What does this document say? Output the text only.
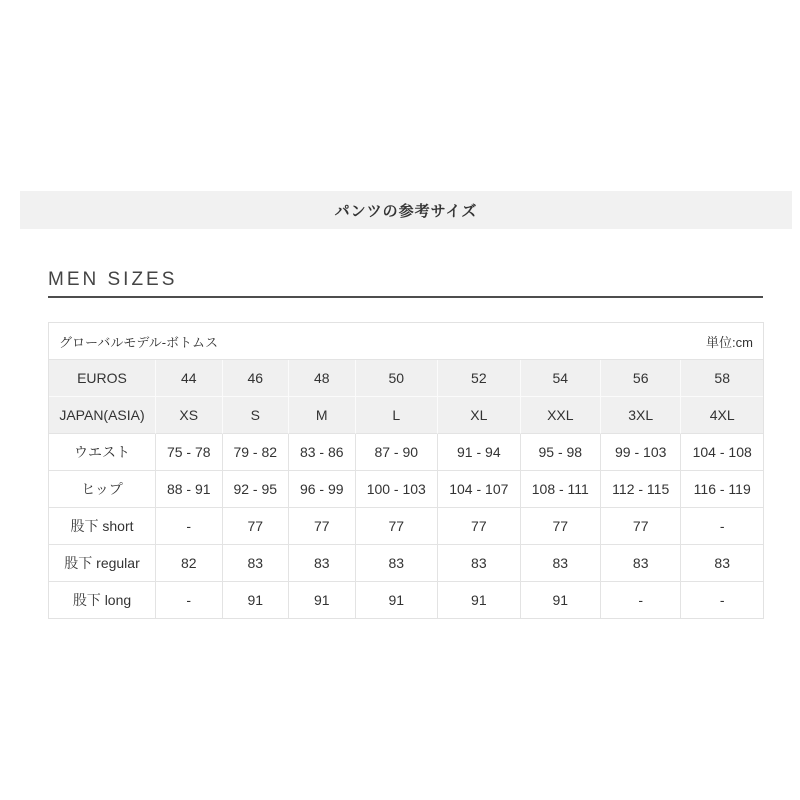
パンツの参考サイズ
MEN SIZES
グローバルモデル-ボトムス 単位:cm								

EUROS	44	46	48	50	52	54	56	58
JAPAN(ASIA)	XS	S	M	L	XL	XXL	3XL	4XL
ウエスト	75 - 78	79 - 82	83 - 86	87 - 90	91 - 94	95 - 98	99 - 103	104 - 108
ヒップ	88 - 91	92 - 95	96 - 99	100 - 103	104 - 107	108 - 111	112 - 115	116 - 119
股下 short	-	77	77	77	77	77	77	-
股下 regular	82	83	83	83	83	83	83	83
股下 long	-	91	91	91	91	91	-	-
